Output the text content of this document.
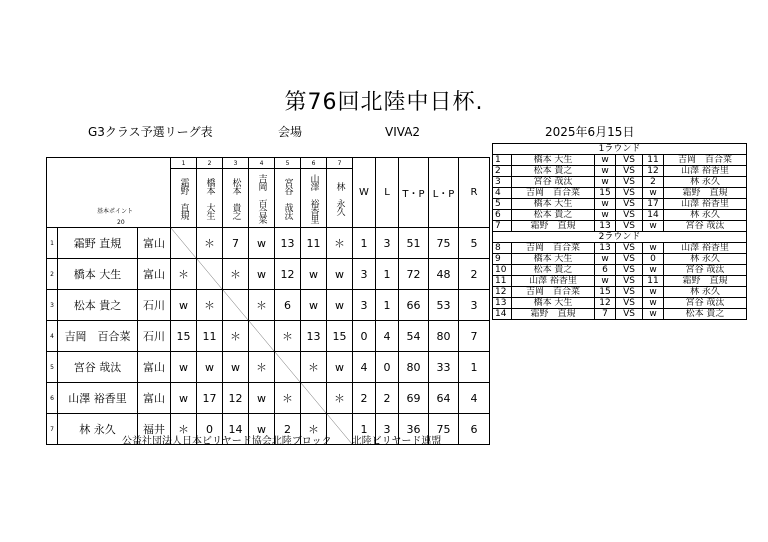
第76回北陸中日杯.
G3クラス予選リーグ表	会場	VIVA2	2025年6月15日
基本ポイント
20			1	2	3	4	5	6	7	W	L	T・P	L・P	R
			霜野 直規	橋本 大生	松本 貴之	吉岡 百合菜	宮谷 哉汰	山澤 裕香里	林 永久					
1	霜野 直規	富山		＊	7	w	13	11	＊	1	3	51	75	5
2	橋本 大生	富山	＊		＊	w	12	w	w	3	1	72	48	2
3	松本 貴之	石川	w	＊		＊	6	w	w	3	1	66	53	3
4	吉岡　百合菜	石川	15	11	＊		＊	13	15	0	4	54	80	7
5	宮谷 哉汰	富山	w	w	w	＊		＊	w	4	0	80	33	1
6	山澤 裕香里	富山	w	17	12	w	＊		＊	2	2	69	64	4
7	林 永久	福井	＊	0	14	w	2	＊		1	3	36	75	6
1ラウンド					
1	橋本 大生	w	VS	11	吉岡　百合菜
2	松本 貴之	w	VS	12	山澤 裕香里
3	宮谷 哉汰	w	VS	2	林 永久
4	吉岡　百合菜	15	VS	w	霜野　直規
5	橋本 大生	w	VS	17	山澤 裕香里
6	松本 貴之	w	VS	14	林 永久
7	霜野　直規	13	VS	w	宮谷 哉汰
2ラウンド					
8	吉岡　百合菜	13	VS	w	山澤 裕香里
9	橋本 大生	w	VS	0	林 永久
10	松本 貴之	6	VS	w	宮谷 哉汰
11	山澤 裕香里	w	VS	11	霜野　直規
12	吉岡　百合菜	15	VS	w	林 永久
13	橋本 大生	12	VS	w	宮谷 哉汰
14	霜野　直規	7	VS	w	松本 貴之
公益社団法人日本ビリヤード協会北陸ブロック　　北陸ビリヤード連盟
